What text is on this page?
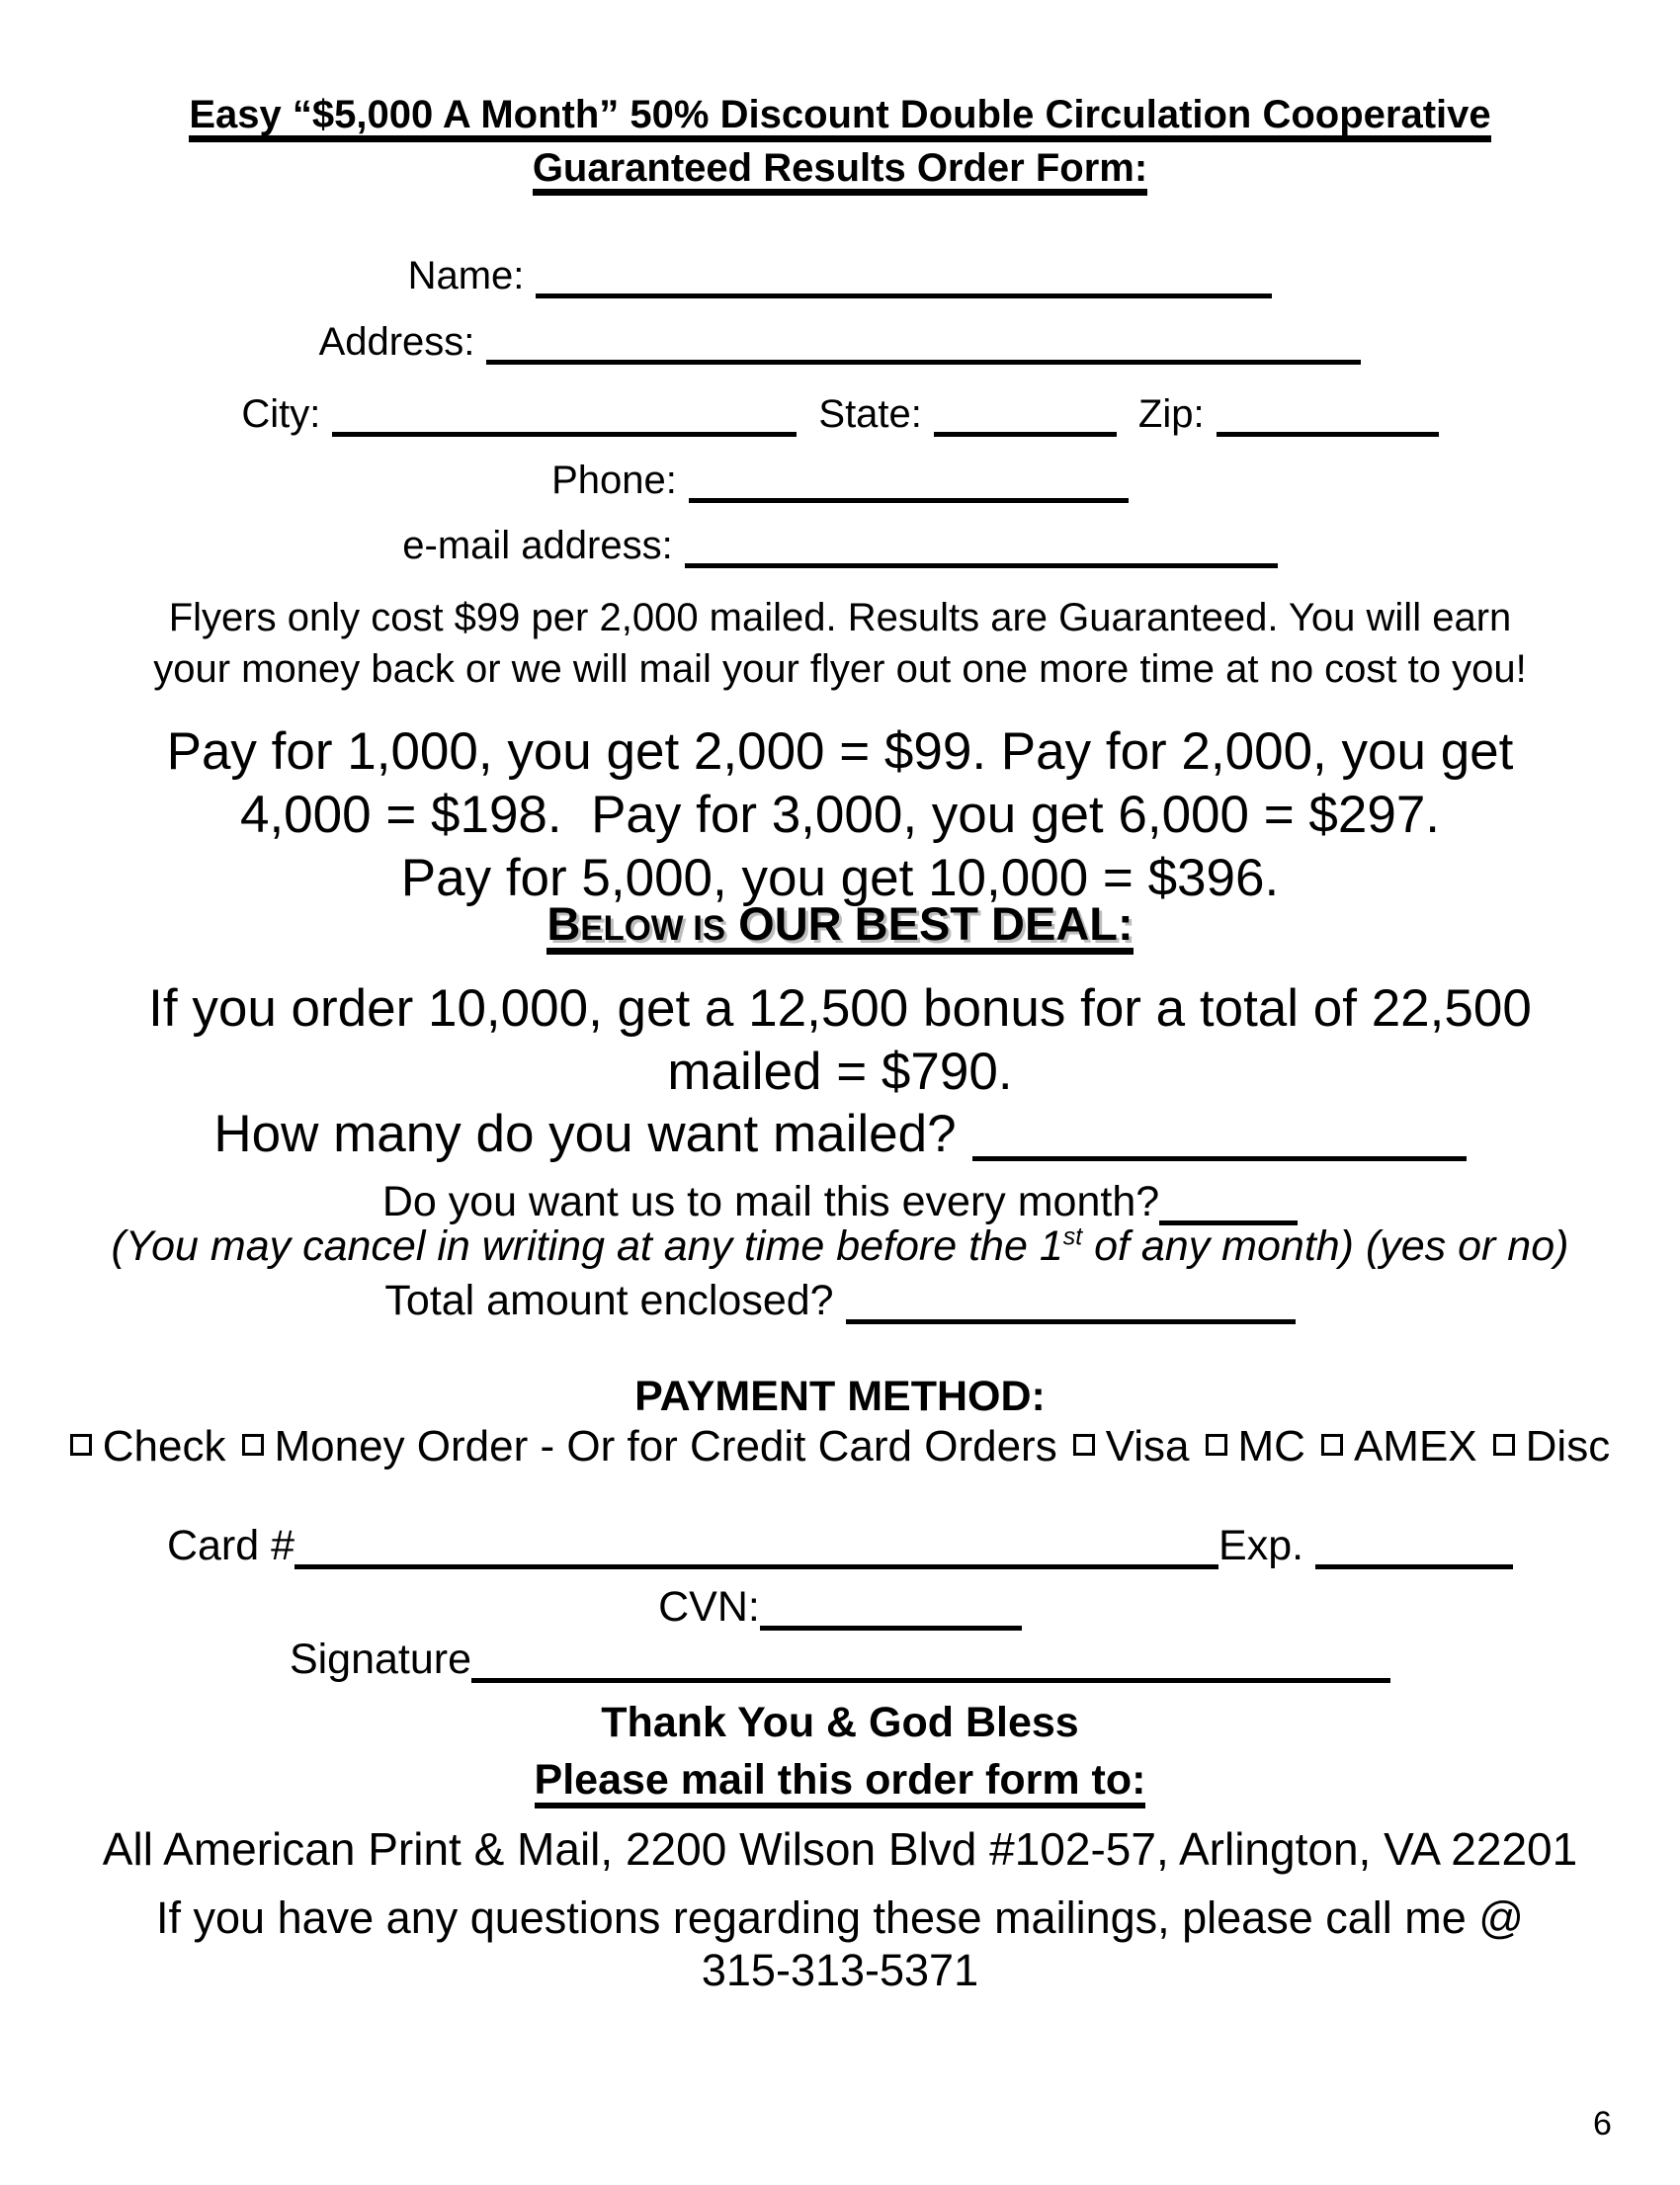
Easy “$5,000 A Month” 50% Discount Double Circulation Cooperative
Guaranteed Results Order Form:
Name:
Address:
City:	State:	Zip:
Phone:
e-mail address:
Flyers only cost $99 per 2,000 mailed. Results are Guaranteed. You will earn
your money back or we will mail your flyer out one more time at no cost to you!
Pay for 1,000, you get 2,000 = $99. Pay for 2,000, you get
4,000 = $198.  Pay for 3,000, you get 6,000 = $297.
Pay for 5,000, you get 10,000 = $396.
BELOW IS OUR BEST DEAL:
If you order 10,000, get a 12,500 bonus for a total of 22,500
mailed = $790.
How many do you want mailed?
Do you want us to mail this every month?
(You may cancel in writing at any time before the 1st of any month) (yes or no)
Total amount enclosed?
PAYMENT METHOD:
Check Money Order - Or for Credit Card Orders Visa MC AMEX Disc
Card #	Exp.
CVN:
Signature
Thank You & God Bless
Please mail this order form to:
All American Print & Mail, 2200 Wilson Blvd #102-57, Arlington, VA 22201
If you have any questions regarding these mailings, please call me @
315-313-5371
6
